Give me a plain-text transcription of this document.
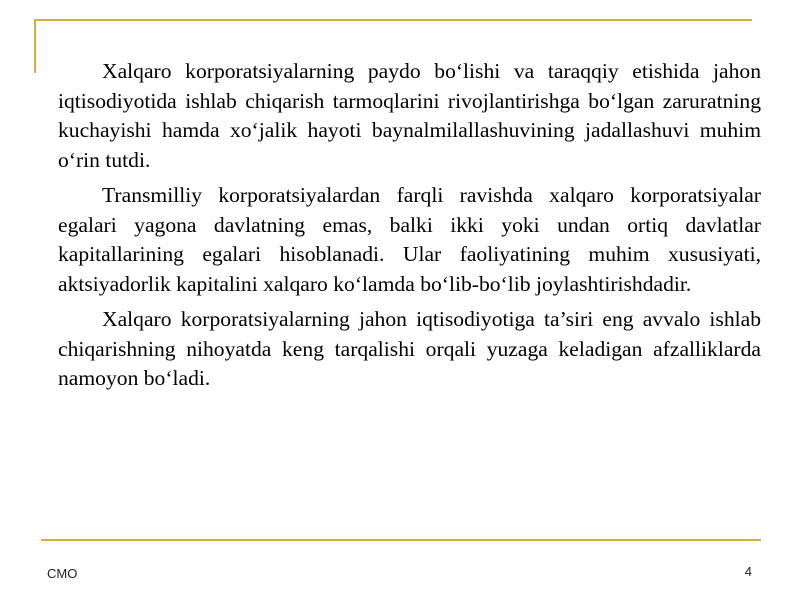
Xalqaro korporatsiyalarning paydo bo‘lishi va taraqqiy etishida jahon iqtisodiyotida ishlab chiqarish tarmoqlarini rivojlantirishga bo‘lgan zaruratning kuchayishi hamda xo‘jalik hayoti baynalmilallashuvining jadallashuvi muhim o‘rin tutdi.

Transmilliy korporatsiyalardan farqli ravishda xalqaro korporatsiyalar egalari yagona davlatning emas, balki ikki yoki undan ortiq davlatlar kapitallarining egalari hisoblanadi. Ular faoliyatining muhim xususiyati, aktsiyadorlik kapitalini xalqaro ko‘lamda bo‘lib-bo‘lib joylashtirishdadir.

Xalqaro korporatsiyalarning jahon iqtisodiyotiga ta’siri eng avvalo ishlab chiqarishning nihoyatda keng tarqalishi orqali yuzaga keladigan afzalliklarda namoyon bo‘ladi.

CMO	4
